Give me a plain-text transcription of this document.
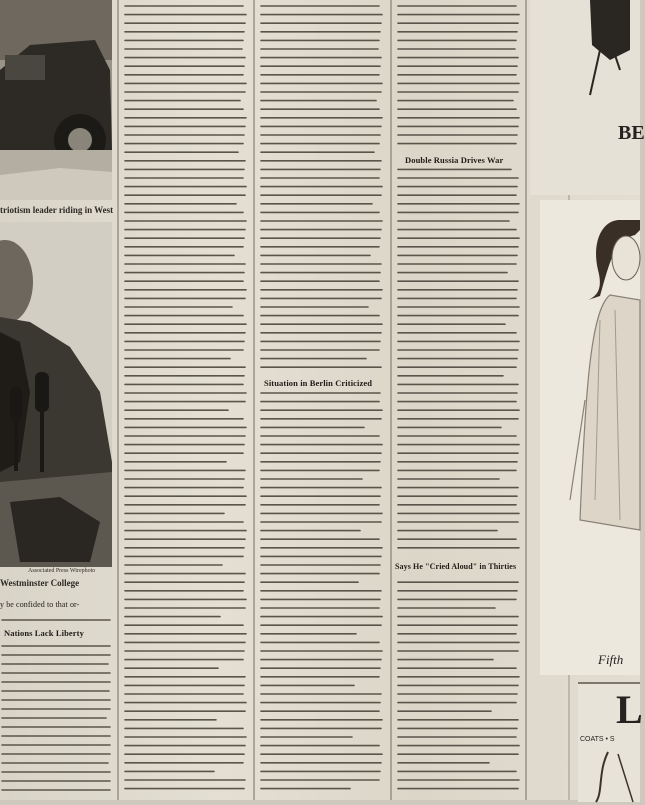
triotism leader riding in West
Associated Press Wirephoto
Westminster College
y be confided to that or-
Nations Lack Liberty
Situation in Berlin Criticized
Double Russia Drives War
Says He "Cried Aloud" in Thirties
BE
Fifth
L
COATS • S
